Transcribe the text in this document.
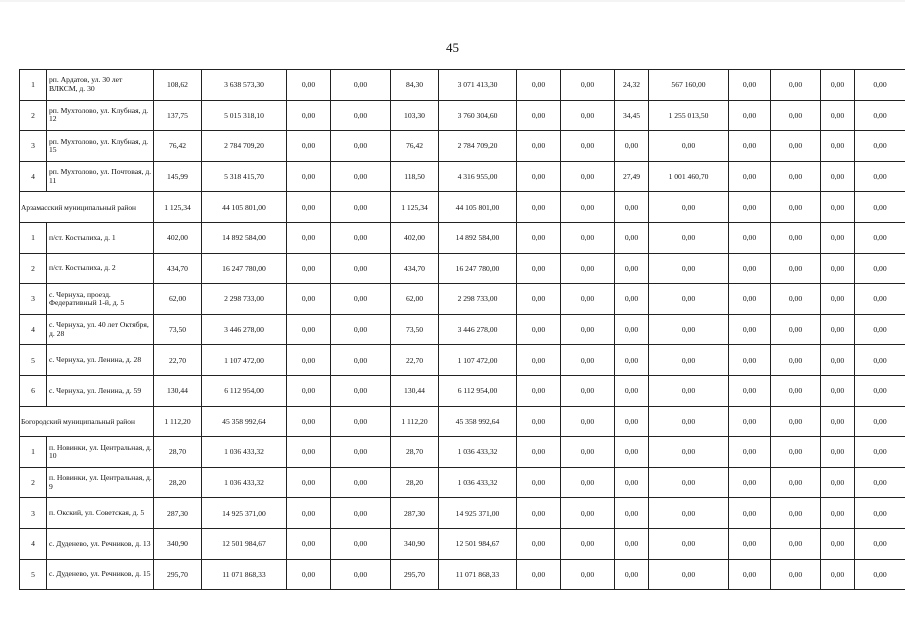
45
1	рп. Ардатов, ул. 30 лет ВЛКСМ, д. 30	108,62	3 638 573,30	0,00	0,00	84,30	3 071 413,30	0,00	0,00	24,32	567 160,00	0,00	0,00	0,00	0,00
2	рп. Мухтолово, ул. Клубная, д. 12	137,75	5 015 318,10	0,00	0,00	103,30	3 760 304,60	0,00	0,00	34,45	1 255 013,50	0,00	0,00	0,00	0,00
3	рп. Мухтолово, ул. Клубная, д. 15	76,42	2 784 709,20	0,00	0,00	76,42	2 784 709,20	0,00	0,00	0,00	0,00	0,00	0,00	0,00	0,00
4	рп. Мухтолово, ул. Почтовая, д. 11	145,99	5 318 415,70	0,00	0,00	118,50	4 316 955,00	0,00	0,00	27,49	1 001 460,70	0,00	0,00	0,00	0,00
Арзамасский муниципальный район		1 125,34	44 105 801,00	0,00	0,00	1 125,34	44 105 801,00	0,00	0,00	0,00	0,00	0,00	0,00	0,00	0,00
1	п/ст. Костылиха, д. 1	402,00	14 892 584,00	0,00	0,00	402,00	14 892 584,00	0,00	0,00	0,00	0,00	0,00	0,00	0,00	0,00
2	п/ст. Костылиха, д. 2	434,70	16 247 780,00	0,00	0,00	434,70	16 247 780,00	0,00	0,00	0,00	0,00	0,00	0,00	0,00	0,00
3	с. Чернуха, проезд. Федеративный 1-й, д. 5	62,00	2 298 733,00	0,00	0,00	62,00	2 298 733,00	0,00	0,00	0,00	0,00	0,00	0,00	0,00	0,00
4	с. Чернуха, ул. 40 лет Октября, д. 28	73,50	3 446 278,00	0,00	0,00	73,50	3 446 278,00	0,00	0,00	0,00	0,00	0,00	0,00	0,00	0,00
5	с. Чернуха, ул. Ленина, д. 28	22,70	1 107 472,00	0,00	0,00	22,70	1 107 472,00	0,00	0,00	0,00	0,00	0,00	0,00	0,00	0,00
6	с. Чернуха, ул. Ленина, д. 59	130,44	6 112 954,00	0,00	0,00	130,44	6 112 954,00	0,00	0,00	0,00	0,00	0,00	0,00	0,00	0,00
Богородский муниципальный район		1 112,20	45 358 992,64	0,00	0,00	1 112,20	45 358 992,64	0,00	0,00	0,00	0,00	0,00	0,00	0,00	0,00
1	п. Новинки, ул. Центральная, д. 10	28,70	1 036 433,32	0,00	0,00	28,70	1 036 433,32	0,00	0,00	0,00	0,00	0,00	0,00	0,00	0,00
2	п. Новинки, ул. Центральная, д. 9	28,20	1 036 433,32	0,00	0,00	28,20	1 036 433,32	0,00	0,00	0,00	0,00	0,00	0,00	0,00	0,00
3	п. Окский, ул. Советская, д. 5	287,30	14 925 371,00	0,00	0,00	287,30	14 925 371,00	0,00	0,00	0,00	0,00	0,00	0,00	0,00	0,00
4	с. Дуденево, ул. Речников, д. 13	340,90	12 501 984,67	0,00	0,00	340,90	12 501 984,67	0,00	0,00	0,00	0,00	0,00	0,00	0,00	0,00
5	с. Дуденево, ул. Речников, д. 15	295,70	11 071 868,33	0,00	0,00	295,70	11 071 868,33	0,00	0,00	0,00	0,00	0,00	0,00	0,00	0,00
